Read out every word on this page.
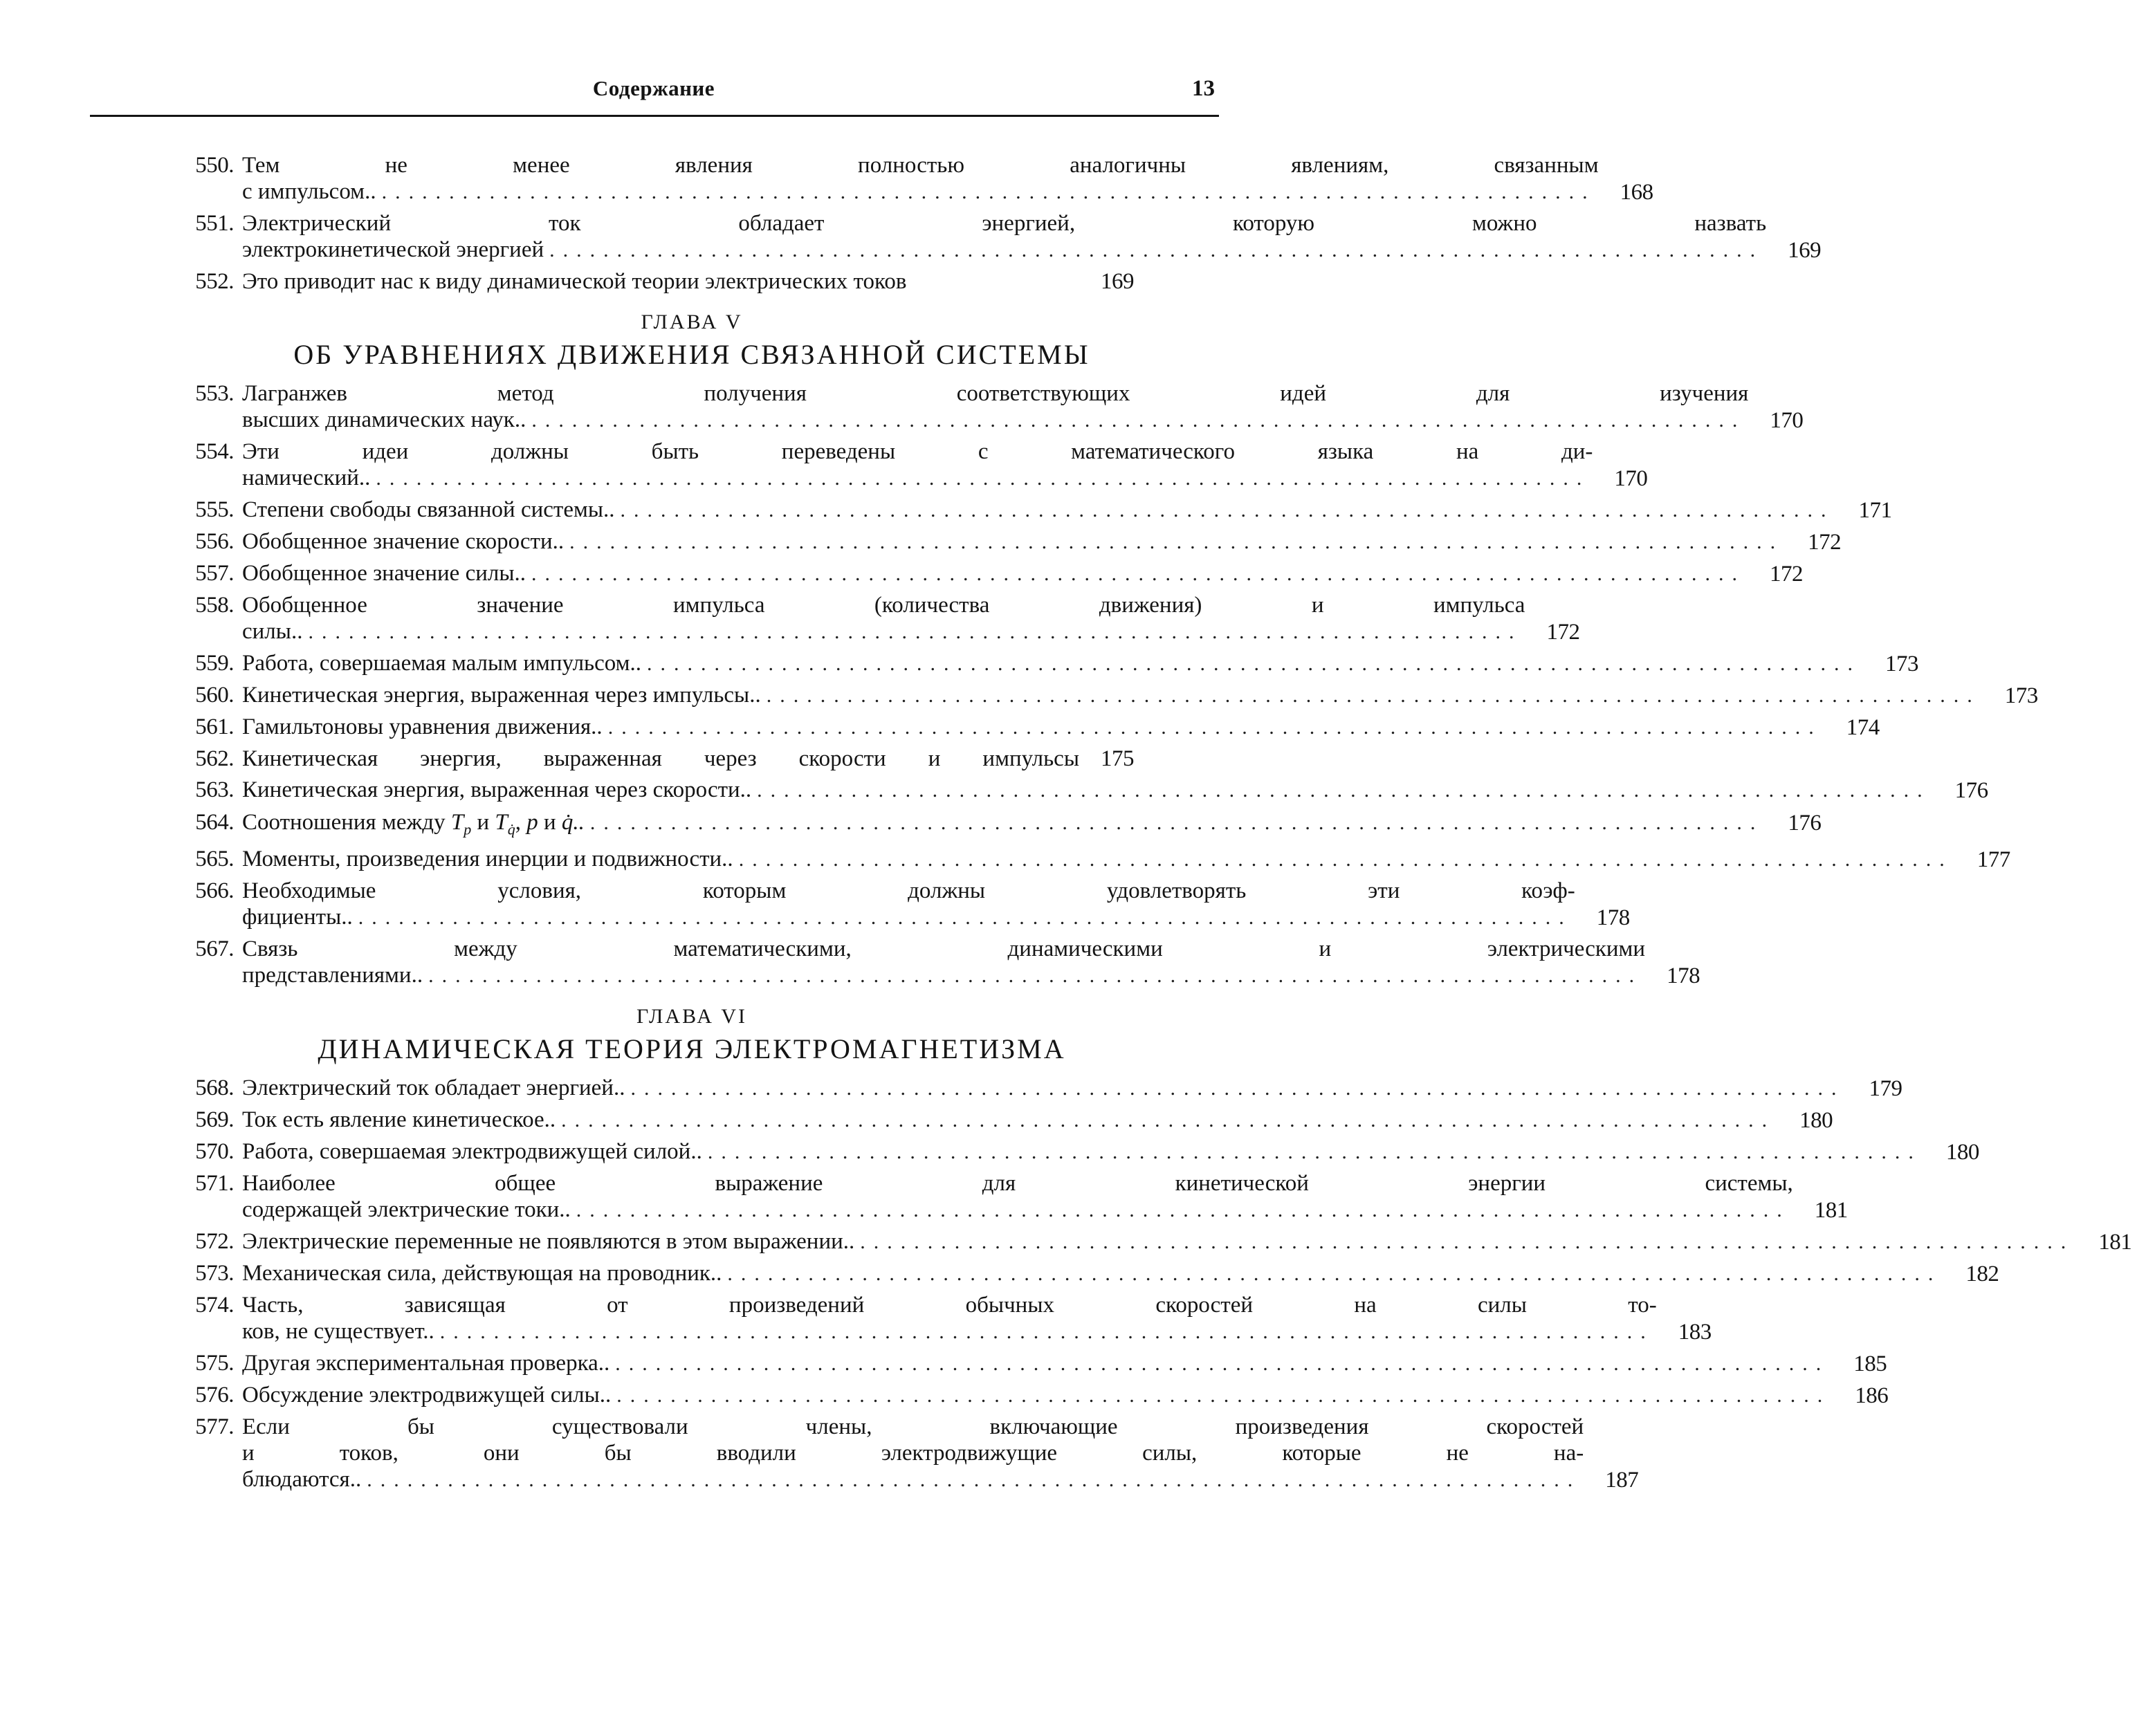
Содержание	13
550. Тем не менее явления полностью аналогичны явлениям, связанным
с импульсом.. ..........................................................................................	168
551. Электрический ток обладает энергией, которую можно назвать
электрокинетической энергией ..........................................................................................	169
552. Это приводит нас к виду динамической теории электрических токов	169
ГЛАВА V
ОБ УРАВНЕНИЯХ ДВИЖЕНИЯ СВЯЗАННОЙ СИСТЕМЫ
553. Лагранжев метод получения соответствующих идей для изучения
высших динамических наук.. ..........................................................................................	170
554. Эти идеи должны быть переведены с математического языка на ди-
намический.. ..........................................................................................	170
555. Степени свободы связанной системы.. ..........................................................................................	171
556. Обобщенное значение скорости.. ..........................................................................................	172
557. Обобщенное значение силы.. ..........................................................................................	172
558. Обобщенное значение импульса (количества движения) и импульса
силы.. ..........................................................................................	172
559. Работа, совершаемая малым импульсом.. ..........................................................................................	173
560. Кинетическая энергия, выраженная через импульсы.. ..........................................................................................	173
561. Гамильтоновы уравнения движения.. ..........................................................................................	174
562. Кинетическая энергия, выраженная через скорости и импульсы 175
563. Кинетическая энергия, выраженная через скорости.. .......................................................................................	176
564. Соотношения между $T_p$ и $T_{q̇}$, p и q̇.. .......................................................................................	176
565. Моменты, произведения инерции и подвижности.. ..........................................................................................	177
566. Необходимые условия, которым должны удовлетворять эти коэф-
фициенты.. ..........................................................................................	178
567. Связь между математическими, динамическими и электрическими
представлениями.. ..........................................................................................	178
ГЛАВА VI
ДИНАМИЧЕСКАЯ ТЕОРИЯ ЭЛЕКТРОМАГНЕТИЗМА
568. Электрический ток обладает энергией.. ..........................................................................................	179
569. Ток есть явление кинетическое.. ..........................................................................................	180
570. Работа, совершаемая электродвижущей силой.. ..........................................................................................	180
571. Наиболее общее выражение для кинетической энергии системы,
содержащей электрические токи.. ..........................................................................................	181
572. Электрические переменные не появляются в этом выражении.. ..........................................................................................	181
573. Механическая сила, действующая на проводник.. ..........................................................................................	182
574. Часть, зависящая от произведений обычных скоростей на силы то-
ков, не существует.. ..........................................................................................	183
575. Другая экспериментальная проверка.. ..........................................................................................	185
576. Обсуждение электродвижущей силы.. ..........................................................................................	186
577. Если бы существовали члены, включающие произведения скоростей
и токов, они бы вводили электродвижущие силы, которые не на-
блюдаются.. ..........................................................................................	187
